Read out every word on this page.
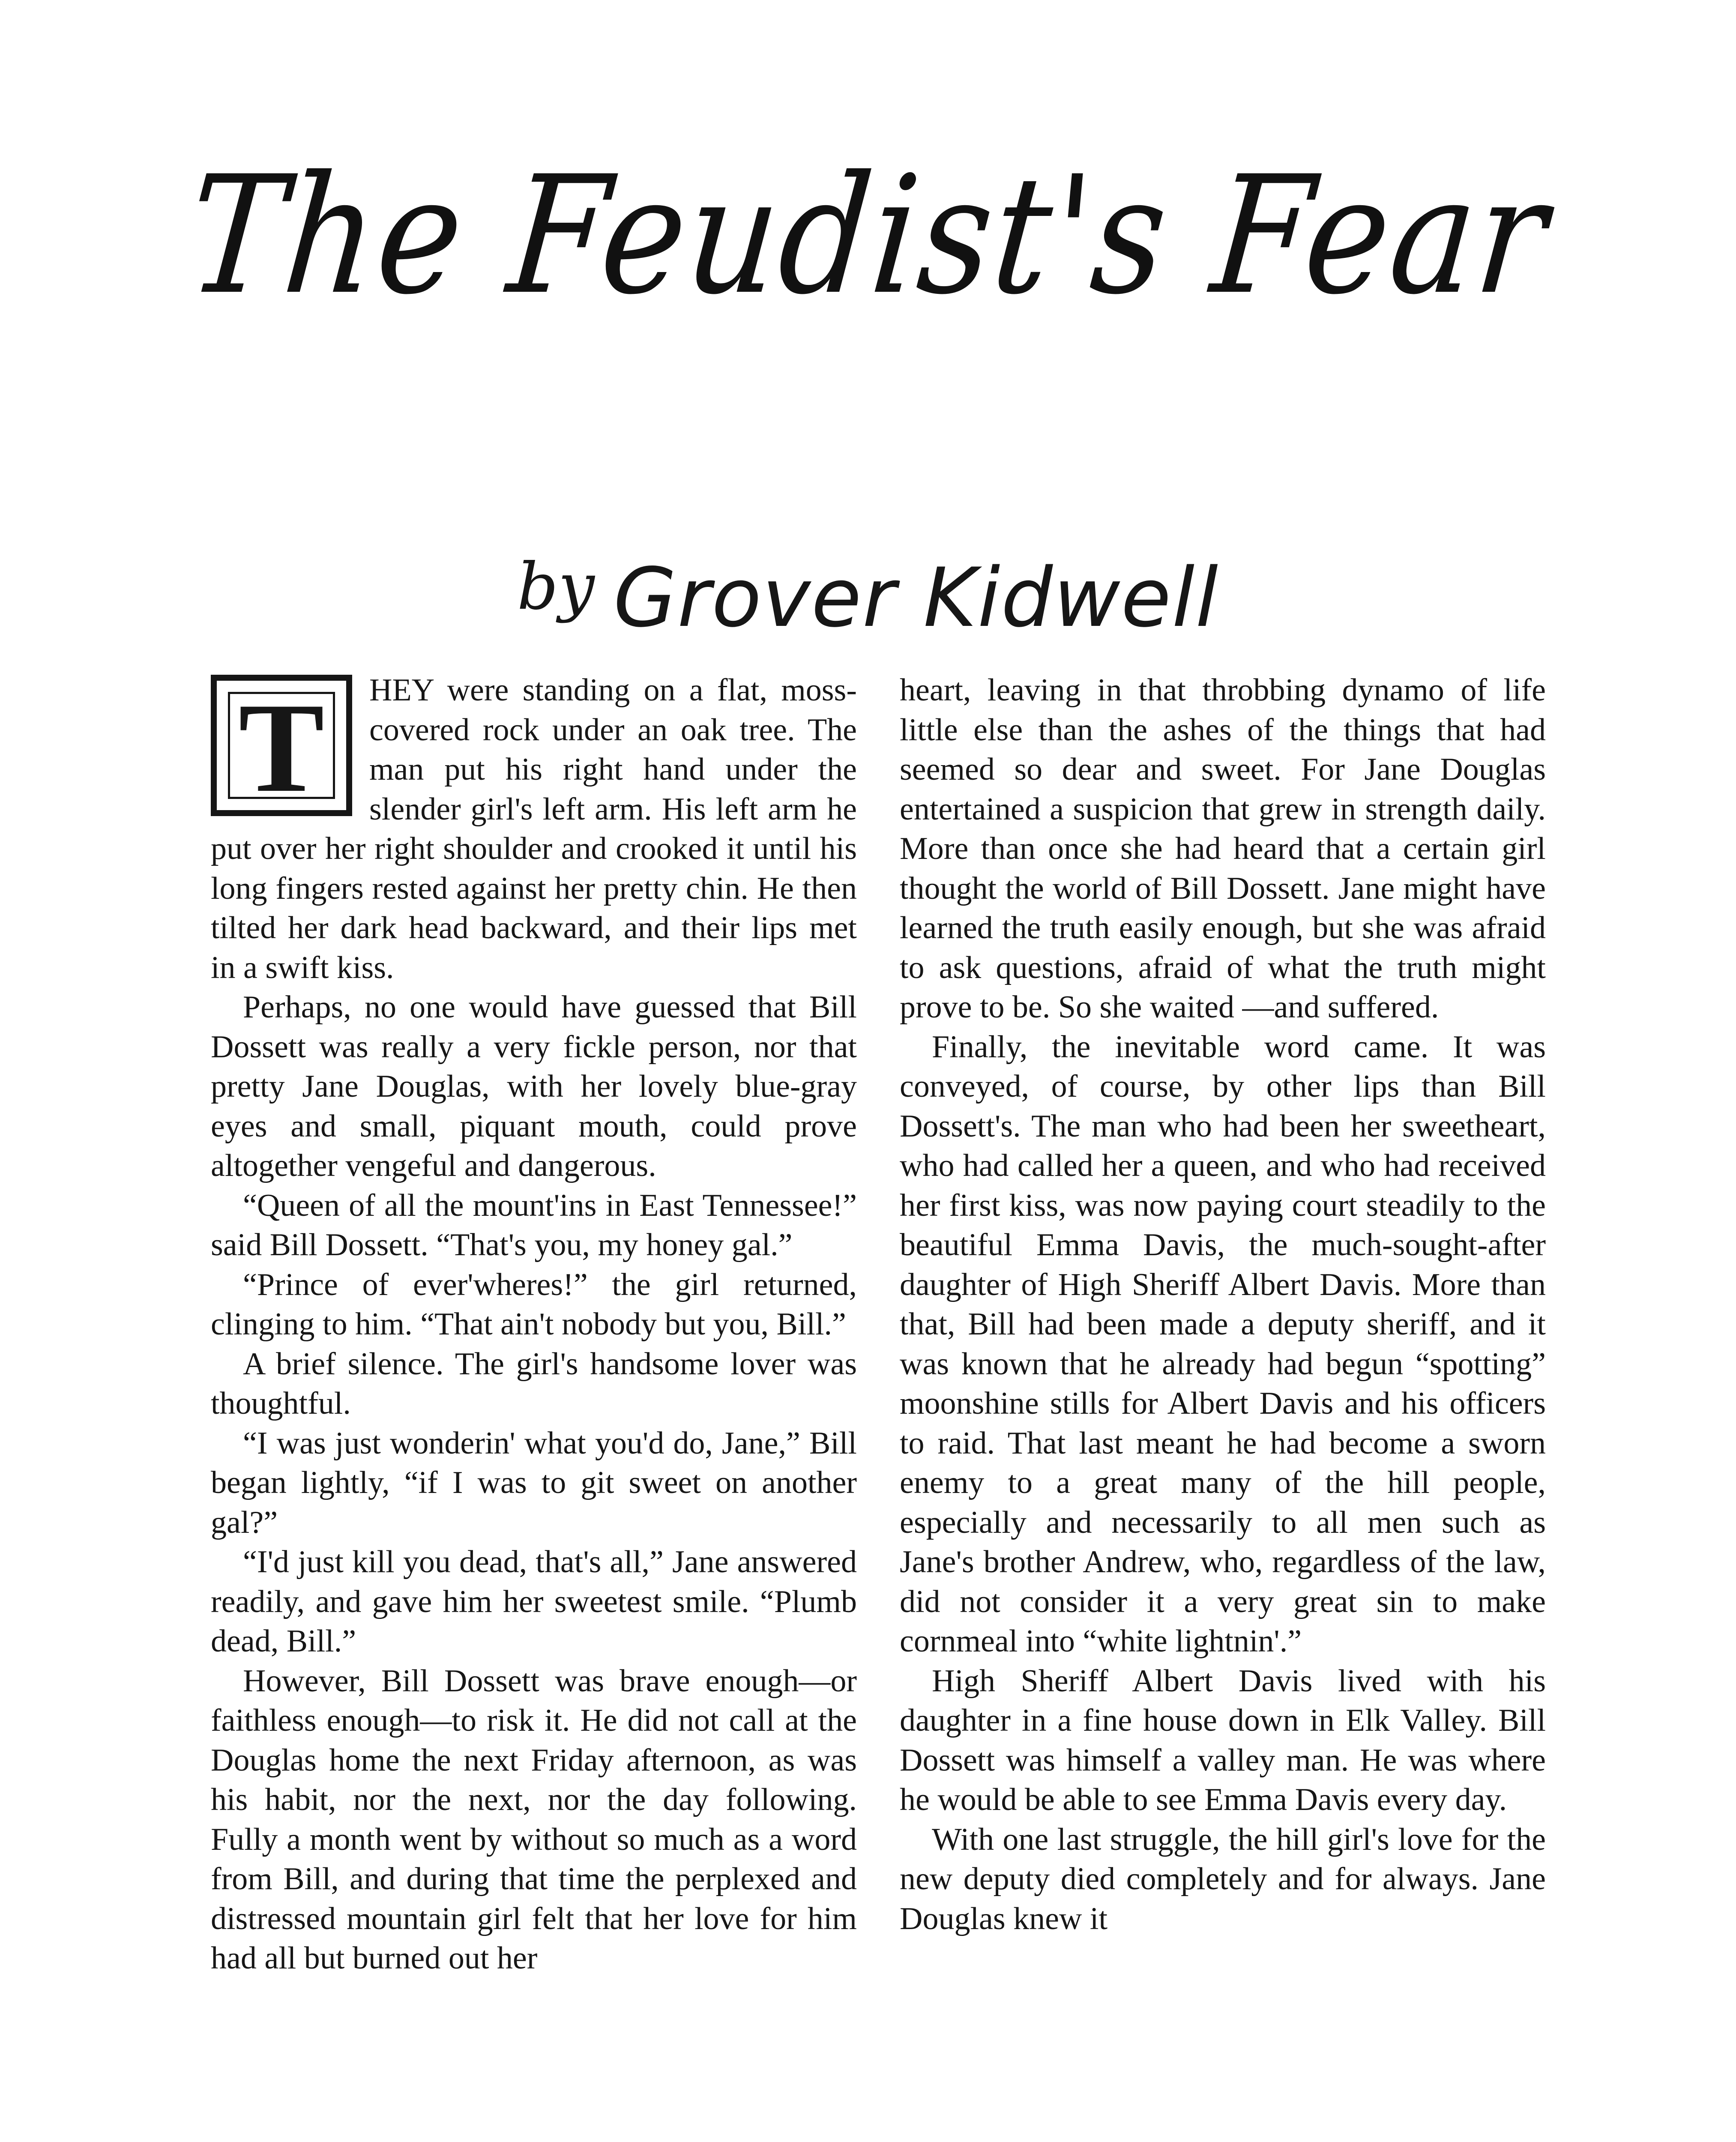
The Feudist's Fear
by Grover Kidwell
T	HEY were standing on a flat, moss-covered rock under an oak tree. The man put his right hand under the slender girl's left arm. His left arm he put over her right shoulder and crooked it until his long fingers rested against her pretty chin. He then tilted her dark head backward, and their lips met in a swift kiss.

Perhaps, no one would have guessed that Bill Dossett was really a very fickle person, nor that pretty Jane Douglas, with her lovely blue-gray eyes and small, piquant mouth, could prove altogether vengeful and dangerous.

“Queen of all the mount'ins in East Tennessee!” said Bill Dossett. “That's you, my honey gal.”

“Prince of ever'wheres!” the girl returned, clinging to him. “That ain't nobody but you, Bill.”

A brief silence. The girl's handsome lover was thoughtful.

“I was just wonderin' what you'd do, Jane,” Bill began lightly, “if I was to git sweet on another gal?”

“I'd just kill you dead, that's all,” Jane answered readily, and gave him her sweetest smile. “Plumb dead, Bill.”

However, Bill Dossett was brave enough—or faithless enough—to risk it. He did not call at the Douglas home the next Friday afternoon, as was his habit, nor the next, nor the day following. Fully a month went by without so much as a word from Bill, and during that time the perplexed and distressed mountain girl felt that her love for him had all but burned out her

heart, leaving in that throbbing dynamo of life little else than the ashes of the things that had seemed so dear and sweet. For Jane Douglas entertained a suspicion that grew in strength daily. More than once she had heard that a certain girl thought the world of Bill Dossett. Jane might have learned the truth easily enough, but she was afraid to ask questions, afraid of what the truth might prove to be. So she waited —and suffered.

Finally, the inevitable word came. It was conveyed, of course, by other lips than Bill Dossett's. The man who had been her sweetheart, who had called her a queen, and who had received her first kiss, was now paying court steadily to the beautiful Emma Davis, the much-sought-after daughter of High Sheriff Albert Davis. More than that, Bill had been made a deputy sheriff, and it was known that he already had begun “spotting” moonshine stills for Albert Davis and his officers to raid. That last meant he had become a sworn enemy to a great many of the hill people, especially and necessarily to all men such as Jane's brother Andrew, who, regardless of the law, did not consider it a very great sin to make cornmeal into “white lightnin'.”

High Sheriff Albert Davis lived with his daughter in a fine house down in Elk Valley. Bill Dossett was himself a valley man. He was where he would be able to see Emma Davis every day.

With one last struggle, the hill girl's love for the new deputy died completely and for always. Jane Douglas knew it
